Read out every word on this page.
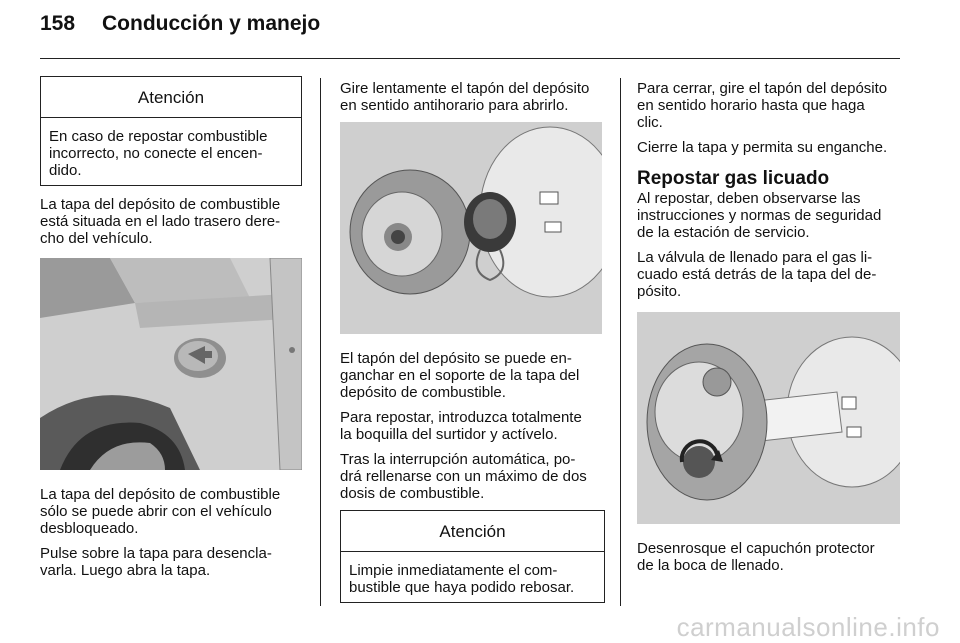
158 Conducción y manejo
Atención
En caso de repostar combustible
incorrecto, no conecte el encen-
dido.

La tapa del depósito de combustible
está situada en el lado trasero dere-
cho del vehículo.

La tapa del depósito de combustible
sólo se puede abrir con el vehículo
desbloqueado.

Pulse sobre la tapa para desencla-
varla. Luego abra la tapa.

Gire lentamente el tapón del depósito
en sentido antihorario para abrirlo.

El tapón del depósito se puede en-
ganchar en el soporte de la tapa del
depósito de combustible.

Para repostar, introduzca totalmente
la boquilla del surtidor y actívelo.

Tras la interrupción automática, po-
drá rellenarse con un máximo de dos
dosis de combustible.

Atención
Limpie inmediatamente el com-
bustible que haya podido rebosar.

Para cerrar, gire el tapón del depósito
en sentido horario hasta que haga
clic.

Cierre la tapa y permita su enganche.

Repostar gas licuado

Al repostar, deben observarse las
instrucciones y normas de seguridad
de la estación de servicio.

La válvula de llenado para el gas li-
cuado está detrás de la tapa del de-
pósito.

Desenrosque el capuchón protector
de la boca de llenado.

carmanualsonline.info
